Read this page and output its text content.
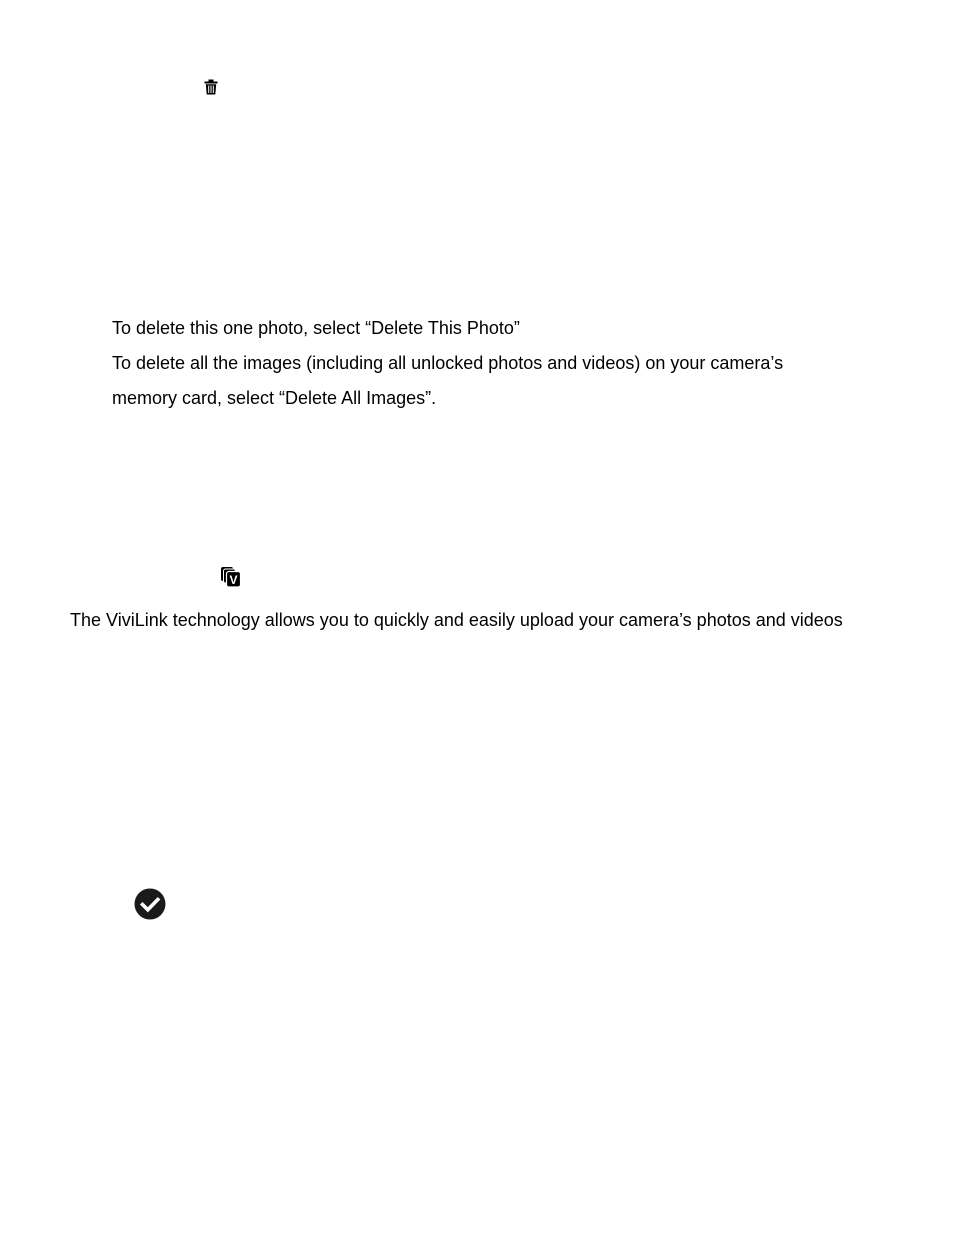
To delete this one photo, select “Delete This Photo”
To delete all the images (including all unlocked photos and videos) on your camera’s
memory card, select “Delete All Images”.
V
The ViviLink technology allows you to quickly and easily upload your camera’s photos and videos
